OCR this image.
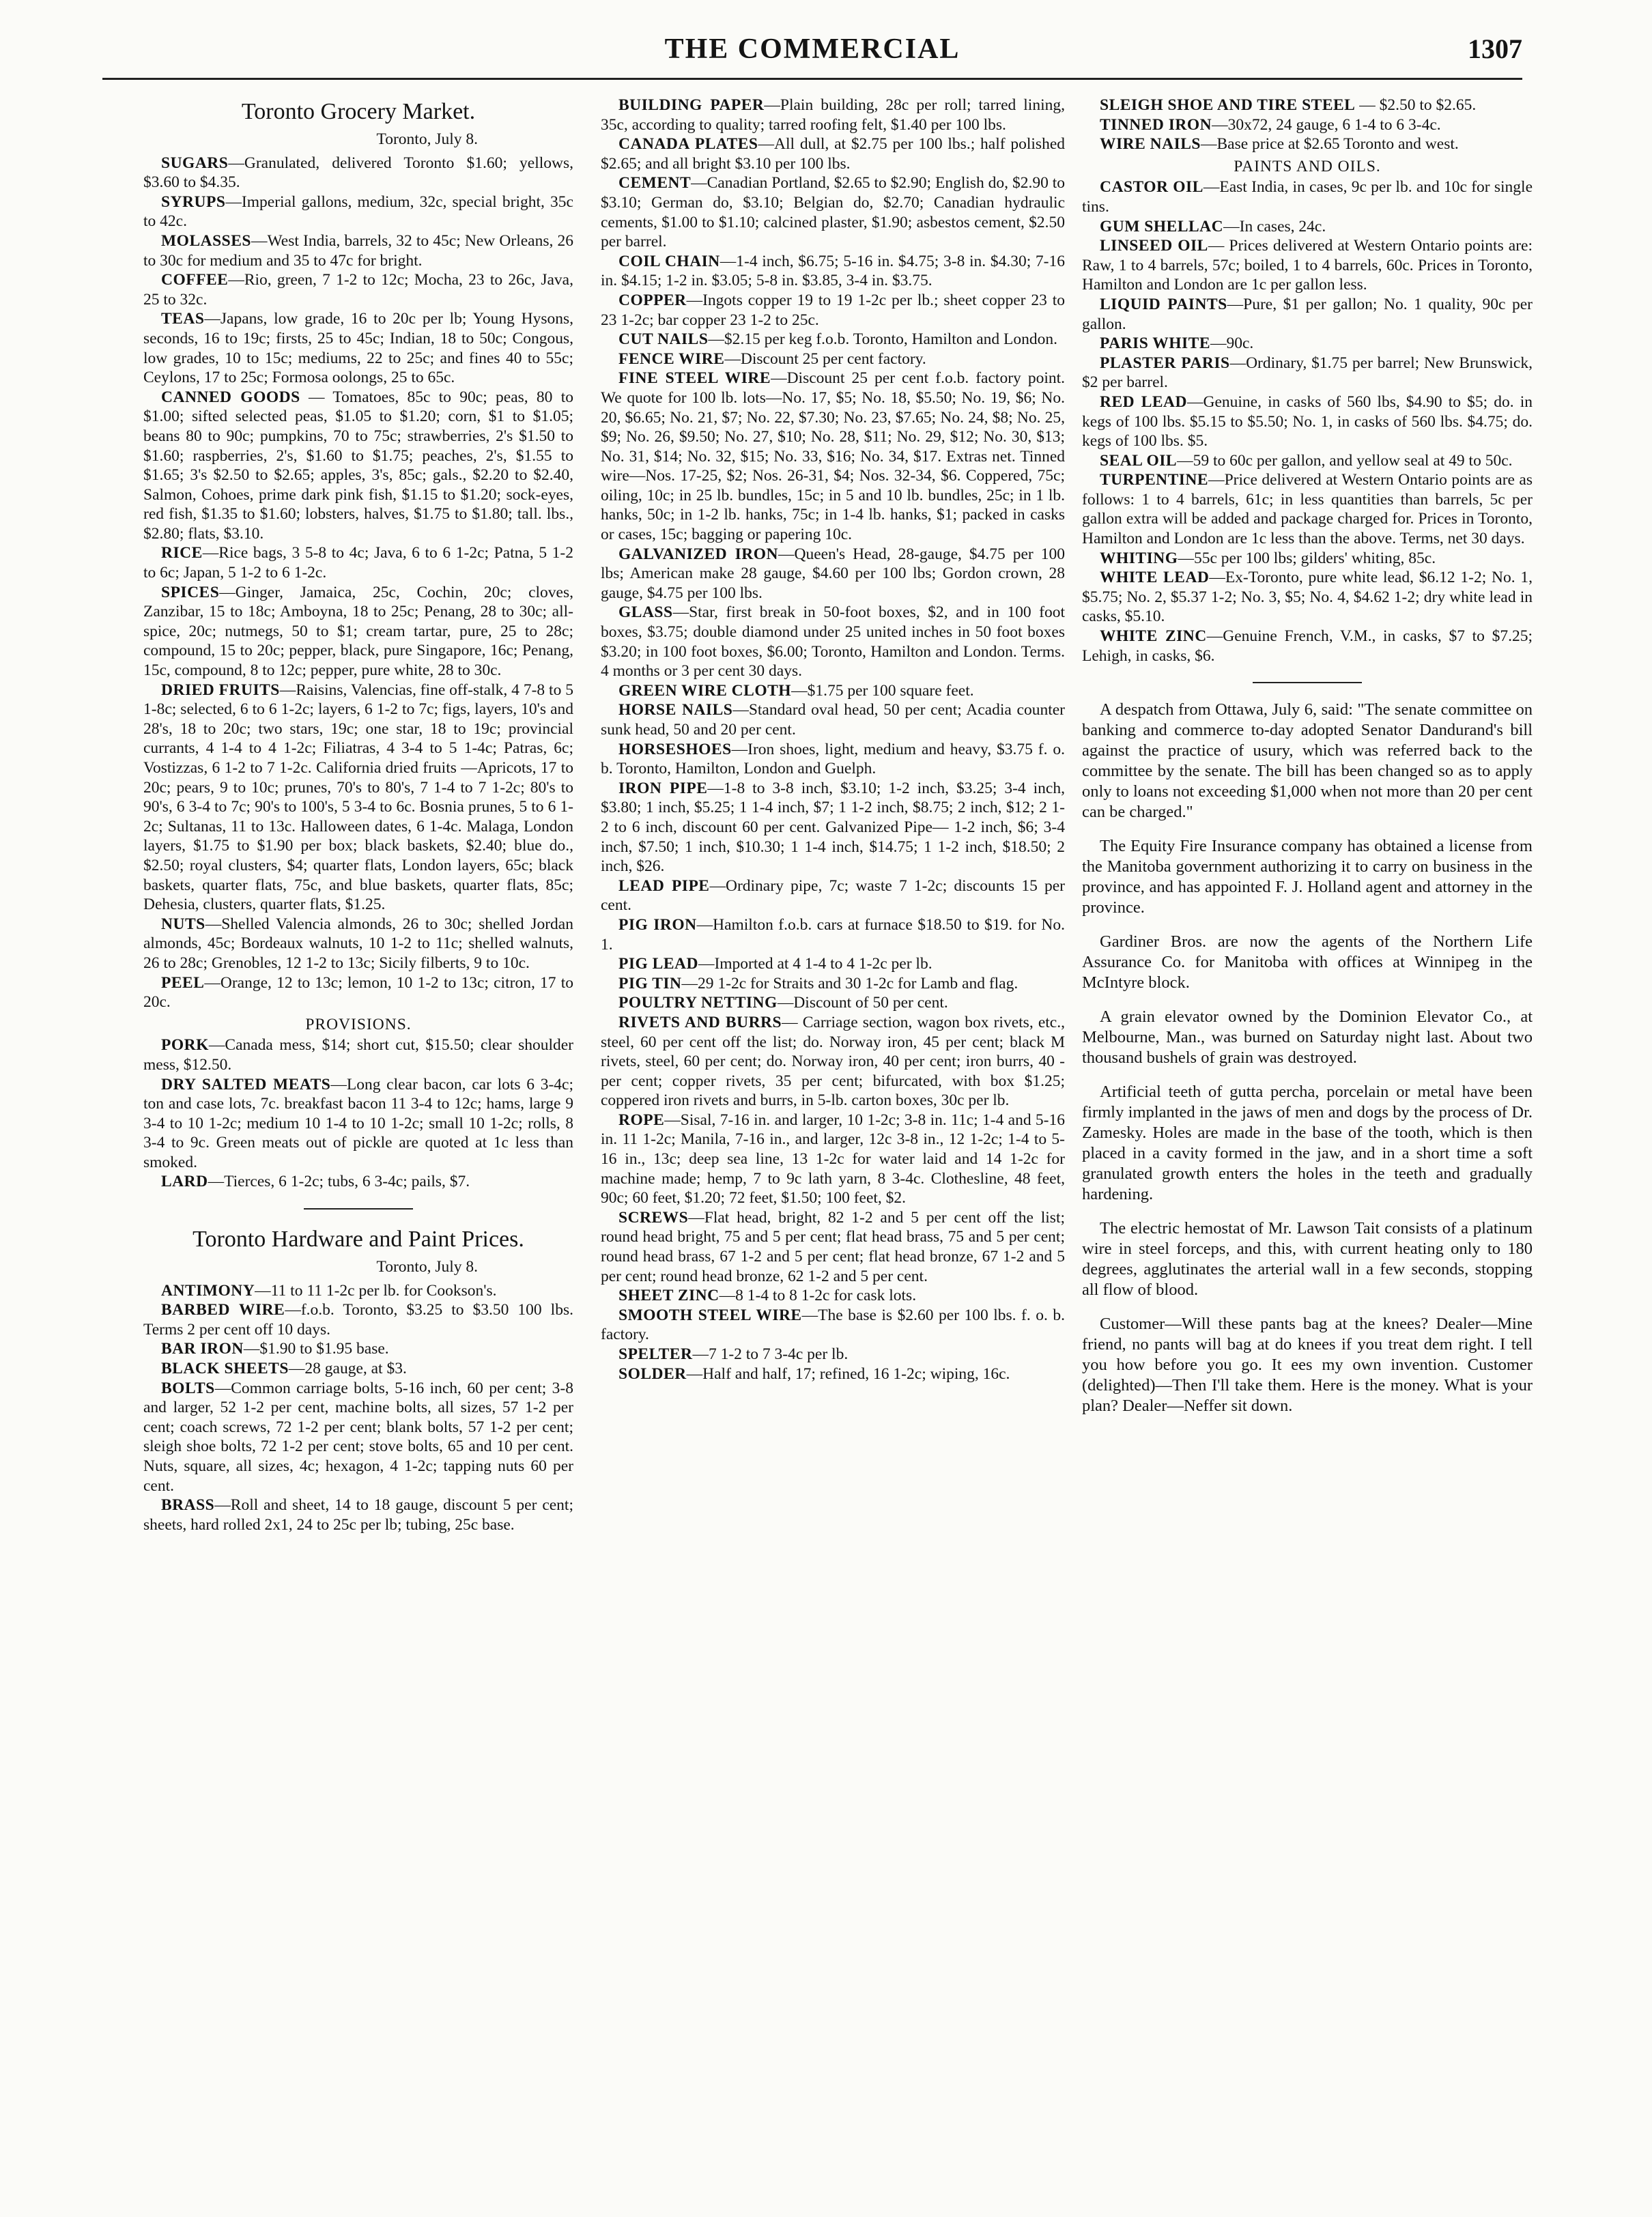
THE COMMERCIAL	1307
Toronto Grocery Market.
Toronto, July 8.

SUGARS—Granulated, delivered Toronto $1.60; yellows, $3.60 to $4.35.

SYRUPS—Imperial gallons, medium, 32c, special bright, 35c to 42c.

MOLASSES—West India, barrels, 32 to 45c; New Orleans, 26 to 30c for medium and 35 to 47c for bright.

COFFEE—Rio, green, 7 1-2 to 12c; Mocha, 23 to 26c, Java, 25 to 32c.

TEAS—Japans, low grade, 16 to 20c per lb; Young Hysons, seconds, 16 to 19c; firsts, 25 to 45c; Indian, 18 to 50c; Congous, low grades, 10 to 15c; mediums, 22 to 25c; and fines 40 to 55c; Ceylons, 17 to 25c; Formosa oolongs, 25 to 65c.

CANNED GOODS — Tomatoes, 85c to 90c; peas, 80 to $1.00; sifted selected peas, $1.05 to $1.20; corn, $1 to $1.05; beans 80 to 90c; pumpkins, 70 to 75c; strawberries, 2's $1.50 to $1.60; raspberries, 2's, $1.60 to $1.75; peaches, 2's, $1.55 to $1.65; 3's $2.50 to $2.65; apples, 3's, 85c; gals., $2.20 to $2.40, Salmon, Cohoes, prime dark pink fish, $1.15 to $1.20; sock-eyes, red fish, $1.35 to $1.60; lobsters, halves, $1.75 to $1.80; tall. lbs., $2.80; flats, $3.10.

RICE—Rice bags, 3 5-8 to 4c; Java, 6 to 6 1-2c; Patna, 5 1-2 to 6c; Japan, 5 1-2 to 6 1-2c.

SPICES—Ginger, Jamaica, 25c, Cochin, 20c; cloves, Zanzibar, 15 to 18c; Amboyna, 18 to 25c; Penang, 28 to 30c; all-spice, 20c; nutmegs, 50 to $1; cream tartar, pure, 25 to 28c; compound, 15 to 20c; pepper, black, pure Singapore, 16c; Penang, 15c, compound, 8 to 12c; pepper, pure white, 28 to 30c.

DRIED FRUITS—Raisins, Valencias, fine off-stalk, 4 7-8 to 5 1-8c; selected, 6 to 6 1-2c; layers, 6 1-2 to 7c; figs, layers, 10's and 28's, 18 to 20c; two stars, 19c; one star, 18 to 19c; provincial currants, 4 1-4 to 4 1-2c; Filiatras, 4 3-4 to 5 1-4c; Patras, 6c; Vostizzas, 6 1-2 to 7 1-2c. California dried fruits —Apricots, 17 to 20c; pears, 9 to 10c; prunes, 70's to 80's, 7 1-4 to 7 1-2c; 80's to 90's, 6 3-4 to 7c; 90's to 100's, 5 3-4 to 6c. Bosnia prunes, 5 to 6 1-2c; Sultanas, 11 to 13c. Halloween dates, 6 1-4c. Malaga, London layers, $1.75 to $1.90 per box; black baskets, $2.40; blue do., $2.50; royal clusters, $4; quarter flats, London layers, 65c; black baskets, quarter flats, 75c, and blue baskets, quarter flats, 85c; Dehesia, clusters, quarter flats, $1.25.

NUTS—Shelled Valencia almonds, 26 to 30c; shelled Jordan almonds, 45c; Bordeaux walnuts, 10 1-2 to 11c; shelled walnuts, 26 to 28c; Grenobles, 12 1-2 to 13c; Sicily filberts, 9 to 10c.

PEEL—Orange, 12 to 13c; lemon, 10 1-2 to 13c; citron, 17 to 20c.

PROVISIONS.

PORK—Canada mess, $14; short cut, $15.50; clear shoulder mess, $12.50.

DRY SALTED MEATS—Long clear bacon, car lots 6 3-4c; ton and case lots, 7c. breakfast bacon 11 3-4 to 12c; hams, large 9 3-4 to 10 1-2c; medium 10 1-4 to 10 1-2c; small 10 1-2c; rolls, 8 3-4 to 9c. Green meats out of pickle are quoted at 1c less than smoked.

LARD—Tierces, 6 1-2c; tubs, 6 3-4c; pails, $7.

Toronto Hardware and Paint Prices.
Toronto, July 8.

ANTIMONY—11 to 11 1-2c per lb. for Cookson's.

BARBED WIRE—f.o.b. Toronto, $3.25 to $3.50 100 lbs. Terms 2 per cent off 10 days.

BAR IRON—$1.90 to $1.95 base.

BLACK SHEETS—28 gauge, at $3.

BOLTS—Common carriage bolts, 5-16 inch, 60 per cent; 3-8 and larger, 52 1-2 per cent, machine bolts, all sizes, 57 1-2 per cent; coach screws, 72 1-2 per cent; blank bolts, 57 1-2 per cent; sleigh shoe bolts, 72 1-2 per cent; stove bolts, 65 and 10 per cent. Nuts, square, all sizes, 4c; hexagon, 4 1-2c; tapping nuts 60 per cent.

BRASS—Roll and sheet, 14 to 18 gauge, discount 5 per cent; sheets, hard rolled 2x1, 24 to 25c per lb; tubing, 25c base.

BUILDING PAPER—Plain building, 28c per roll; tarred lining, 35c, according to quality; tarred roofing felt, $1.40 per 100 lbs.

CANADA PLATES—All dull, at $2.75 per 100 lbs.; half polished $2.65; and all bright $3.10 per 100 lbs.

CEMENT—Canadian Portland, $2.65 to $2.90; English do, $2.90 to $3.10; German do, $3.10; Belgian do, $2.70; Canadian hydraulic cements, $1.00 to $1.10; calcined plaster, $1.90; asbestos cement, $2.50 per barrel.

COIL CHAIN—1-4 inch, $6.75; 5-16 in. $4.75; 3-8 in. $4.30; 7-16 in. $4.15; 1-2 in. $3.05; 5-8 in. $3.85, 3-4 in. $3.75.

COPPER—Ingots copper 19 to 19 1-2c per lb.; sheet copper 23 to 23 1-2c; bar copper 23 1-2 to 25c.

CUT NAILS—$2.15 per keg f.o.b. Toronto, Hamilton and London.

FENCE WIRE—Discount 25 per cent factory.

FINE STEEL WIRE—Discount 25 per cent f.o.b. factory point. We quote for 100 lb. lots—No. 17, $5; No. 18, $5.50; No. 19, $6; No. 20, $6.65; No. 21, $7; No. 22, $7.30; No. 23, $7.65; No. 24, $8; No. 25, $9; No. 26, $9.50; No. 27, $10; No. 28, $11; No. 29, $12; No. 30, $13; No. 31, $14; No. 32, $15; No. 33, $16; No. 34, $17. Extras net. Tinned wire—Nos. 17-25, $2; Nos. 26-31, $4; Nos. 32-34, $6. Coppered, 75c; oiling, 10c; in 25 lb. bundles, 15c; in 5 and 10 lb. bundles, 25c; in 1 lb. hanks, 50c; in 1-2 lb. hanks, 75c; in 1-4 lb. hanks, $1; packed in casks or cases, 15c; bagging or papering 10c.

GALVANIZED IRON—Queen's Head, 28-gauge, $4.75 per 100 lbs; American make 28 gauge, $4.60 per 100 lbs; Gordon crown, 28 gauge, $4.75 per 100 lbs.

GLASS—Star, first break in 50-foot boxes, $2, and in 100 foot boxes, $3.75; double diamond under 25 united inches in 50 foot boxes $3.20; in 100 foot boxes, $6.00; Toronto, Hamilton and London. Terms. 4 months or 3 per cent 30 days.

GREEN WIRE CLOTH—$1.75 per 100 square feet.

HORSE NAILS—Standard oval head, 50 per cent; Acadia counter sunk head, 50 and 20 per cent.

HORSESHOES—Iron shoes, light, medium and heavy, $3.75 f. o. b. Toronto, Hamilton, London and Guelph.

IRON PIPE—1-8 to 3-8 inch, $3.10; 1-2 inch, $3.25; 3-4 inch, $3.80; 1 inch, $5.25; 1 1-4 inch, $7; 1 1-2 inch, $8.75; 2 inch, $12; 2 1-2 to 6 inch, discount 60 per cent. Galvanized Pipe— 1-2 inch, $6; 3-4 inch, $7.50; 1 inch, $10.30; 1 1-4 inch, $14.75; 1 1-2 inch, $18.50; 2 inch, $26.

LEAD PIPE—Ordinary pipe, 7c; waste 7 1-2c; discounts 15 per cent.

PIG IRON—Hamilton f.o.b. cars at furnace $18.50 to $19. for No. 1.

PIG LEAD—Imported at 4 1-4 to 4 1-2c per lb.

PIG TIN—29 1-2c for Straits and 30 1-2c for Lamb and flag.

POULTRY NETTING—Discount of 50 per cent.

RIVETS AND BURRS— Carriage section, wagon box rivets, etc., steel, 60 per cent off the list; do. Norway iron, 45 per cent; black M rivets, steel, 60 per cent; do. Norway iron, 40 per cent; iron burrs, 40 - per cent; copper rivets, 35 per cent; bifurcated, with box $1.25; coppered iron rivets and burrs, in 5-lb. carton boxes, 30c per lb.

ROPE—Sisal, 7-16 in. and larger, 10 1-2c; 3-8 in. 11c; 1-4 and 5-16 in. 11 1-2c; Manila, 7-16 in., and larger, 12c 3-8 in., 12 1-2c; 1-4 to 5-16 in., 13c; deep sea line, 13 1-2c for water laid and 14 1-2c for machine made; hemp, 7 to 9c lath yarn, 8 3-4c. Clothesline, 48 feet, 90c; 60 feet, $1.20; 72 feet, $1.50; 100 feet, $2.

SCREWS—Flat head, bright, 82 1-2 and 5 per cent off the list; round head bright, 75 and 5 per cent; flat head brass, 75 and 5 per cent; round head brass, 67 1-2 and 5 per cent; flat head bronze, 67 1-2 and 5 per cent; round head bronze, 62 1-2 and 5 per cent.

SHEET ZINC—8 1-4 to 8 1-2c for cask lots.

SMOOTH STEEL WIRE—The base is $2.60 per 100 lbs. f. o. b. factory.

SPELTER—7 1-2 to 7 3-4c per lb.

SOLDER—Half and half, 17; refined, 16 1-2c; wiping, 16c.

SLEIGH SHOE AND TIRE STEEL — $2.50 to $2.65.

TINNED IRON—30x72, 24 gauge, 6 1-4 to 6 3-4c.

WIRE NAILS—Base price at $2.65 Toronto and west.

PAINTS AND OILS.

CASTOR OIL—East India, in cases, 9c per lb. and 10c for single tins.

GUM SHELLAC—In cases, 24c.

LINSEED OIL— Prices delivered at Western Ontario points are: Raw, 1 to 4 barrels, 57c; boiled, 1 to 4 barrels, 60c. Prices in Toronto, Hamilton and London are 1c per gallon less.

LIQUID PAINTS—Pure, $1 per gallon; No. 1 quality, 90c per gallon.

PARIS WHITE—90c.

PLASTER PARIS—Ordinary, $1.75 per barrel; New Brunswick, $2 per barrel.

RED LEAD—Genuine, in casks of 560 lbs, $4.90 to $5; do. in kegs of 100 lbs. $5.15 to $5.50; No. 1, in casks of 560 lbs. $4.75; do. kegs of 100 lbs. $5.

SEAL OIL—59 to 60c per gallon, and yellow seal at 49 to 50c.

TURPENTINE—Price delivered at Western Ontario points are as follows: 1 to 4 barrels, 61c; in less quantities than barrels, 5c per gallon extra will be added and package charged for. Prices in Toronto, Hamilton and London are 1c less than the above. Terms, net 30 days.

WHITING—55c per 100 lbs; gilders' whiting, 85c.

WHITE LEAD—Ex-Toronto, pure white lead, $6.12 1-2; No. 1, $5.75; No. 2, $5.37 1-2; No. 3, $5; No. 4, $4.62 1-2; dry white lead in casks, $5.10.

WHITE ZINC—Genuine French, V.M., in casks, $7 to $7.25; Lehigh, in casks, $6.

A despatch from Ottawa, July 6, said: "The senate committee on banking and commerce to-day adopted Senator Dandurand's bill against the practice of usury, which was referred back to the committee by the senate. The bill has been changed so as to apply only to loans not exceeding $1,000 when not more than 20 per cent can be charged."

The Equity Fire Insurance company has obtained a license from the Manitoba government authorizing it to carry on business in the province, and has appointed F. J. Holland agent and attorney in the province.

Gardiner Bros. are now the agents of the Northern Life Assurance Co. for Manitoba with offices at Winnipeg in the McIntyre block.

A grain elevator owned by the Dominion Elevator Co., at Melbourne, Man., was burned on Saturday night last. About two thousand bushels of grain was destroyed.

Artificial teeth of gutta percha, porcelain or metal have been firmly implanted in the jaws of men and dogs by the process of Dr. Zamesky. Holes are made in the base of the tooth, which is then placed in a cavity formed in the jaw, and in a short time a soft granulated growth enters the holes in the teeth and gradually hardening.

The electric hemostat of Mr. Lawson Tait consists of a platinum wire in steel forceps, and this, with current heating only to 180 degrees, agglutinates the arterial wall in a few seconds, stopping all flow of blood.

Customer—Will these pants bag at the knees? Dealer—Mine friend, no pants will bag at do knees if you treat dem right. I tell you how before you go. It ees my own invention. Customer (delighted)—Then I'll take them. Here is the money. What is your plan? Dealer—Neffer sit down.
